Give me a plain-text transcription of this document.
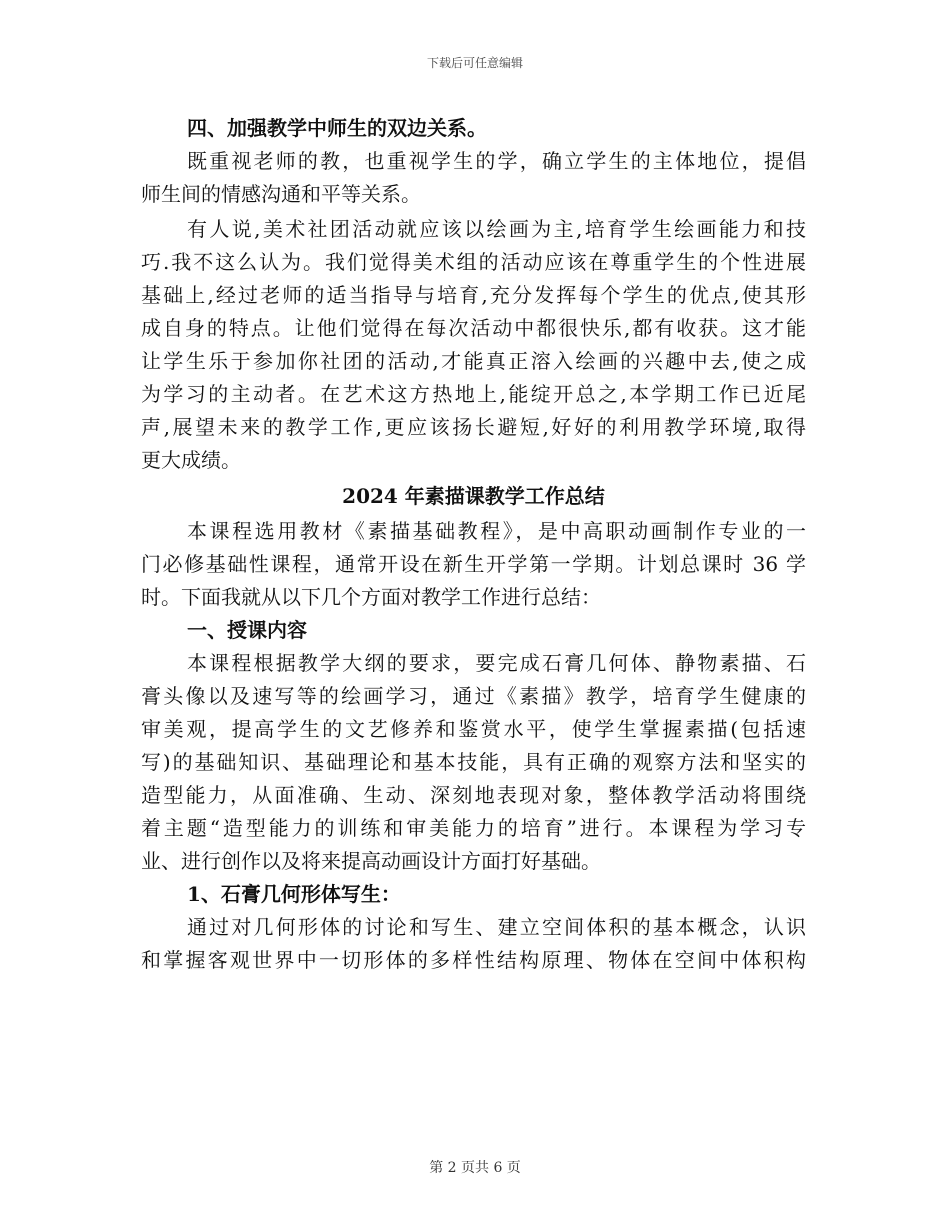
下载后可任意编辑
四、加强教学中师生的双边关系。
既重视老师的教，也重视学生的学，确立学生的主体地位，提倡
师生间的情感沟通和平等关系。
有人说,美术社团活动就应该以绘画为主,培育学生绘画能力和技
巧.我不这么认为。我们觉得美术组的活动应该在尊重学生的个性进展
基础上,经过老师的适当指导与培育,充分发挥每个学生的优点,使其形
成自身的特点。让他们觉得在每次活动中都很快乐,都有收获。这才能
让学生乐于参加你社团的活动,才能真正溶入绘画的兴趣中去,使之成
为学习的主动者。在艺术这方热地上,能绽开总之,本学期工作已近尾
声,展望未来的教学工作,更应该扬长避短,好好的利用教学环境,取得
更大成绩。
2024 年素描课教学工作总结
本课程选用教材《素描基础教程》，是中高职动画制作专业的一
门必修基础性课程，通常开设在新生开学第一学期。计划总课时 36 学
时。下面我就从以下几个方面对教学工作进行总结：
一、授课内容
本课程根据教学大纲的要求，要完成石膏几何体、静物素描、石
膏头像以及速写等的绘画学习，通过《素描》教学，培育学生健康的
审美观，提高学生的文艺修养和鉴赏水平，使学生掌握素描(包括速
写)的基础知识、基础理论和基本技能，具有正确的观察方法和坚实的
造型能力，从面准确、生动、深刻地表现对象，整体教学活动将围绕
着主题“造型能力的训练和审美能力的培育”进行。本课程为学习专
业、进行创作以及将来提高动画设计方面打好基础。
1、石膏几何形体写生：
通过对几何形体的讨论和写生、建立空间体积的基本概念，认识
和掌握客观世界中一切形体的多样性结构原理、物体在空间中体积构
第 2 页共 6 页
